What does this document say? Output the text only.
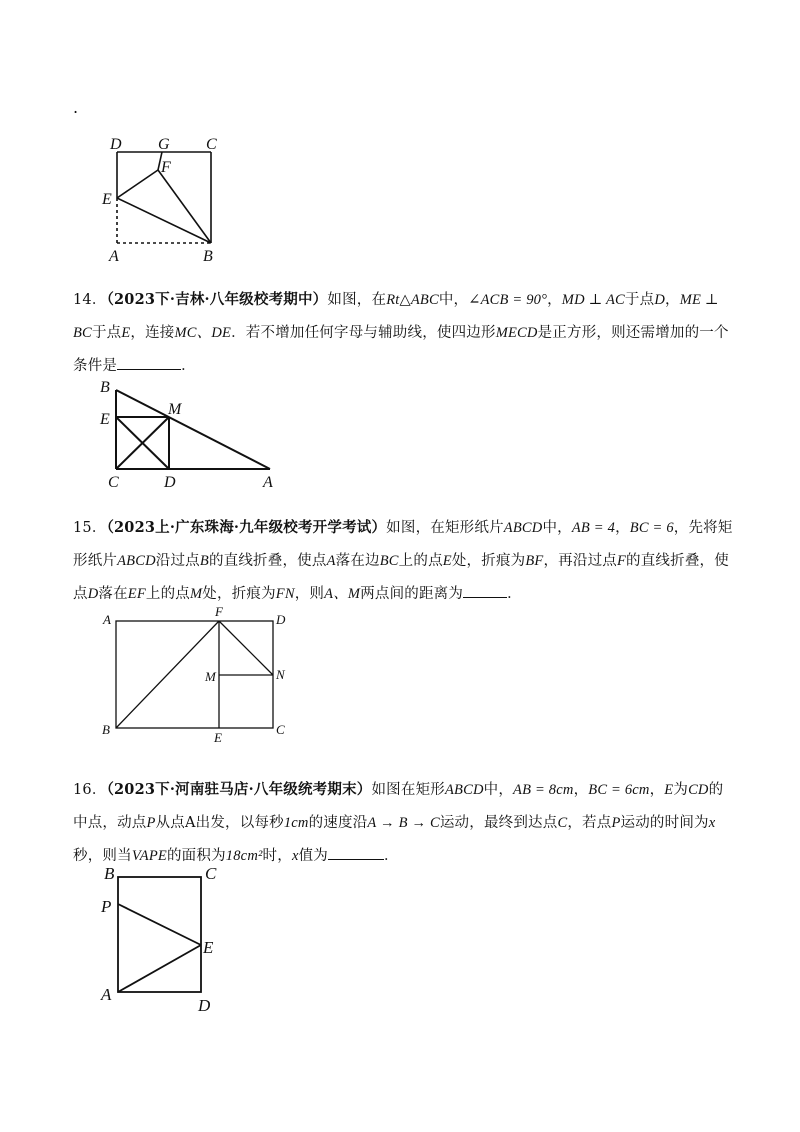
.
D G C
F
E
A	B
14．（2023下·吉林·八年级校考期中）如图，在Rt△ABC中，∠ACB = 90°，MD ⊥ AC于点D，ME ⊥ BC于点E，连接MC、DE．若不增加任何字母与辅助线，使四边形MECD是正方形，则还需增加的一个条件是	．
B
E
M
C	D	A
15．（2023上·广东珠海·九年级校考开学考试）如图，在矩形纸片ABCD中，AB = 4，BC = 6，先将矩形纸片ABCD沿过点B的直线折叠，使点A落在边BC上的点E处，折痕为BF，再沿过点F的直线折叠，使点D落在EF上的点M处，折痕为FN，则A、M两点间的距离为	．
A
F
D
M	N
B
E
C
16．（2023下·河南驻马店·八年级统考期末）如图在矩形ABCD中，AB = 8cm，BC = 6cm，E为CD的中点，动点P从点A出发，以每秒1cm的速度沿A → B → C运动，最终到达点C，若点P运动的时间为x秒，则当VAPE的面积为18cm²时，x值为	．
B	C
P
E
A
D
